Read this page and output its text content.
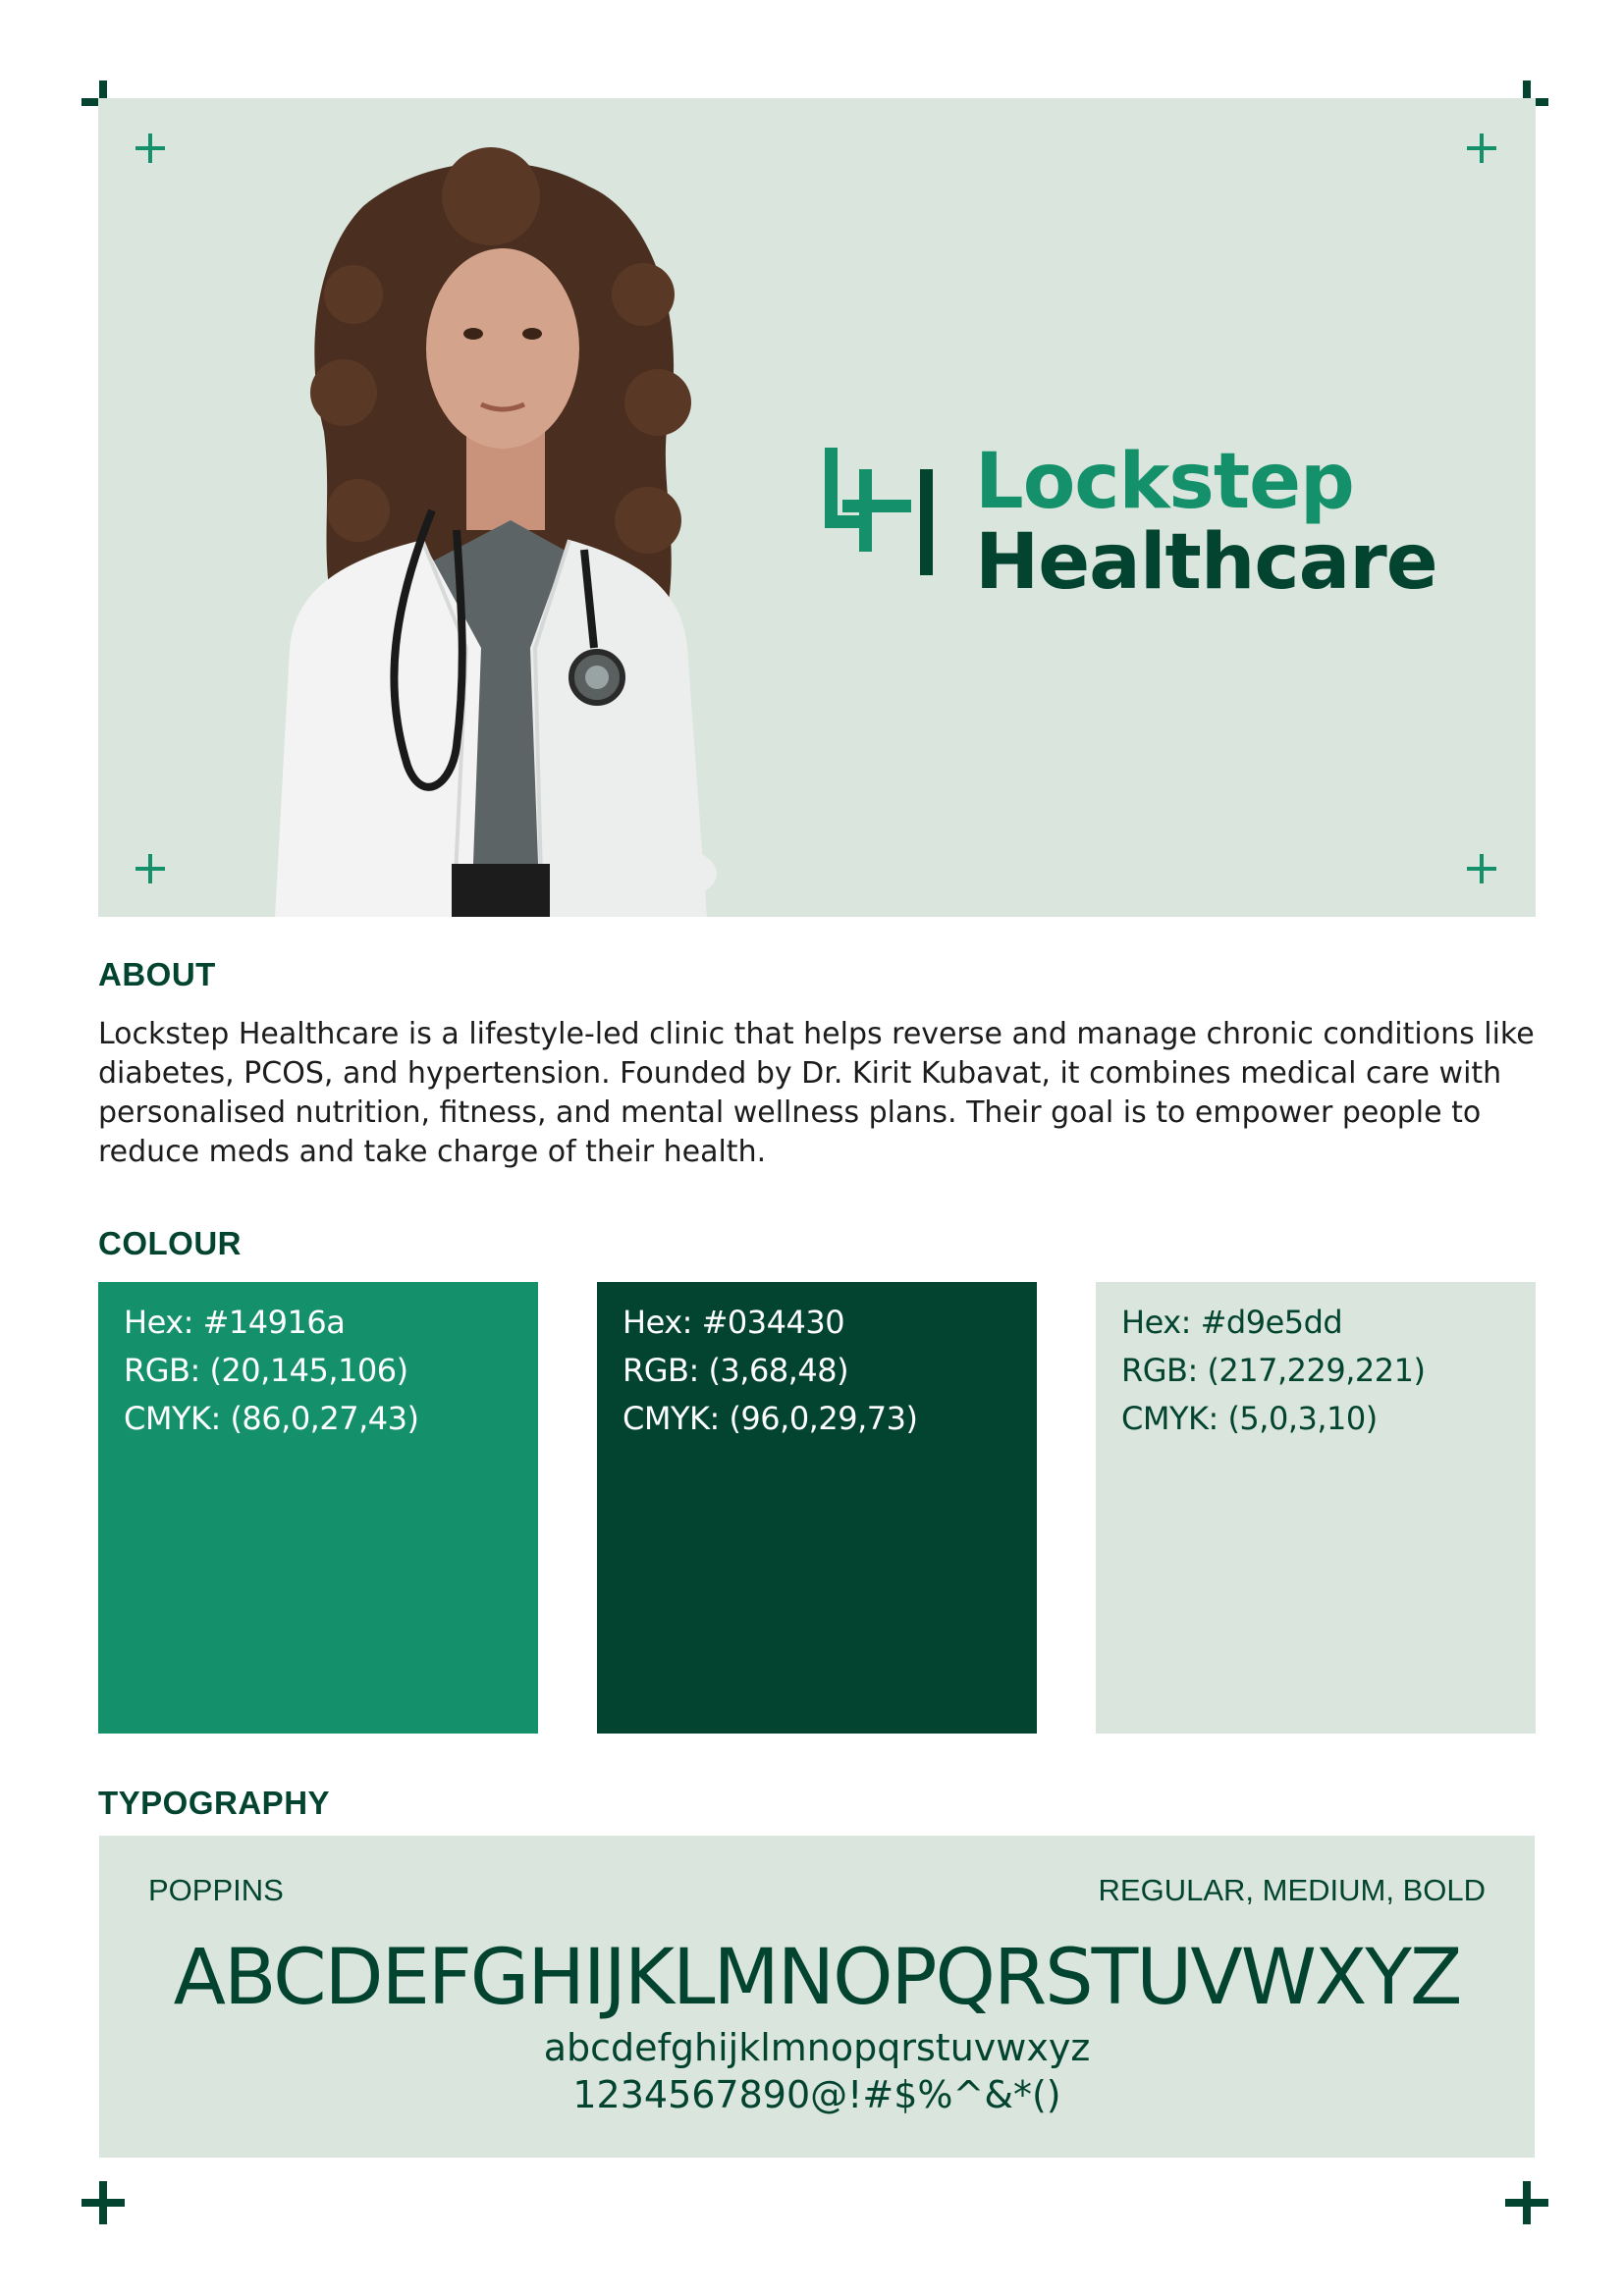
Lockstep
Healthcare
ABOUT
Lockstep Healthcare is a lifestyle-led clinic that helps reverse and manage chronic conditions like diabetes, PCOS, and hypertension. Founded by Dr. Kirit Kubavat, it combines medical care with personalised nutrition, fitness, and mental wellness plans. Their goal is to empower people to reduce meds and take charge of their health.
COLOUR
Hex: #14916a
RGB: (20,145,106)
CMYK: (86,0,27,43)
Hex: #034430
RGB: (3,68,48)
CMYK: (96,0,29,73)
Hex: #d9e5dd
RGB: (217,229,221)
CMYK: (5,0,3,10)
TYPOGRAPHY
POPPINS	REGULAR, MEDIUM, BOLD
ABCDEFGHIJKLMNOPQRSTUVWXYZ
abcdefghijklmnopqrstuvwxyz
1234567890@!#$%^&*()
